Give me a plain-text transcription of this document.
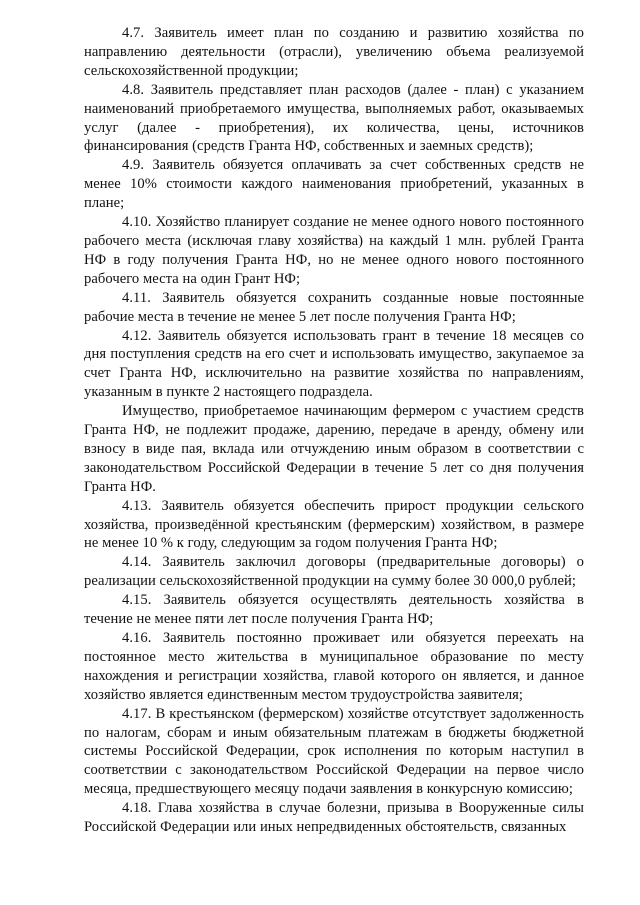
4.7. Заявитель имеет план по созданию и развитию хозяйства по направлению деятельности (отрасли), увеличению объема реализуемой сельскохозяйственной продукции;

4.8. Заявитель представляет план расходов (далее - план) с указанием наименований приобретаемого имущества, выполняемых работ, оказываемых услуг (далее - приобретения), их количества, цены, источников финансирования (средств Гранта НФ, собственных и заемных средств);

4.9. Заявитель обязуется оплачивать за счет собственных средств не менее 10% стоимости каждого наименования приобретений, указанных в плане;

4.10. Хозяйство планирует создание не менее одного нового постоянного рабочего места (исключая главу хозяйства) на каждый 1 млн. рублей Гранта НФ в году получения Гранта НФ, но не менее одного нового постоянного рабочего места на один Грант НФ;

4.11. Заявитель обязуется сохранить созданные новые постоянные рабочие места в течение не менее 5 лет после получения Гранта НФ;

4.12. Заявитель обязуется использовать грант в течение 18 месяцев со дня поступления средств на его счет и использовать имущество, закупаемое за счет Гранта НФ, исключительно на развитие хозяйства по направлениям, указанным в пункте 2 настоящего подраздела.

Имущество, приобретаемое начинающим фермером с участием средств Гранта НФ, не подлежит продаже, дарению, передаче в аренду, обмену или взносу в виде пая, вклада или отчуждению иным образом в соответствии с законодательством Российской Федерации в течение 5 лет со дня получения Гранта НФ.

4.13. Заявитель обязуется обеспечить прирост продукции сельского хозяйства, произведённой крестьянским (фермерским) хозяйством, в размере не менее 10 % к году, следующим за годом получения Гранта НФ;

4.14. Заявитель заключил договоры (предварительные договоры) о реализации сельскохозяйственной продукции на сумму более 30 000,0 рублей;

4.15. Заявитель обязуется осуществлять деятельность хозяйства в течение не менее пяти лет после получения Гранта НФ;

4.16. Заявитель постоянно проживает или обязуется переехать на постоянное место жительства в муниципальное образование по месту нахождения и регистрации хозяйства, главой которого он является, и данное хозяйство является единственным местом трудоустройства заявителя;

4.17. В крестьянском (фермерском) хозяйстве отсутствует задолженность по налогам, сборам и иным обязательным платежам в бюджеты бюджетной системы Российской Федерации, срок исполнения по которым наступил в соответствии с законодательством Российской Федерации на первое число месяца, предшествующего месяцу подачи заявления в конкурсную комиссию;

4.18. Глава хозяйства в случае болезни, призыва в Вооруженные силы Российской Федерации или иных непредвиденных обстоятельств, связанных
